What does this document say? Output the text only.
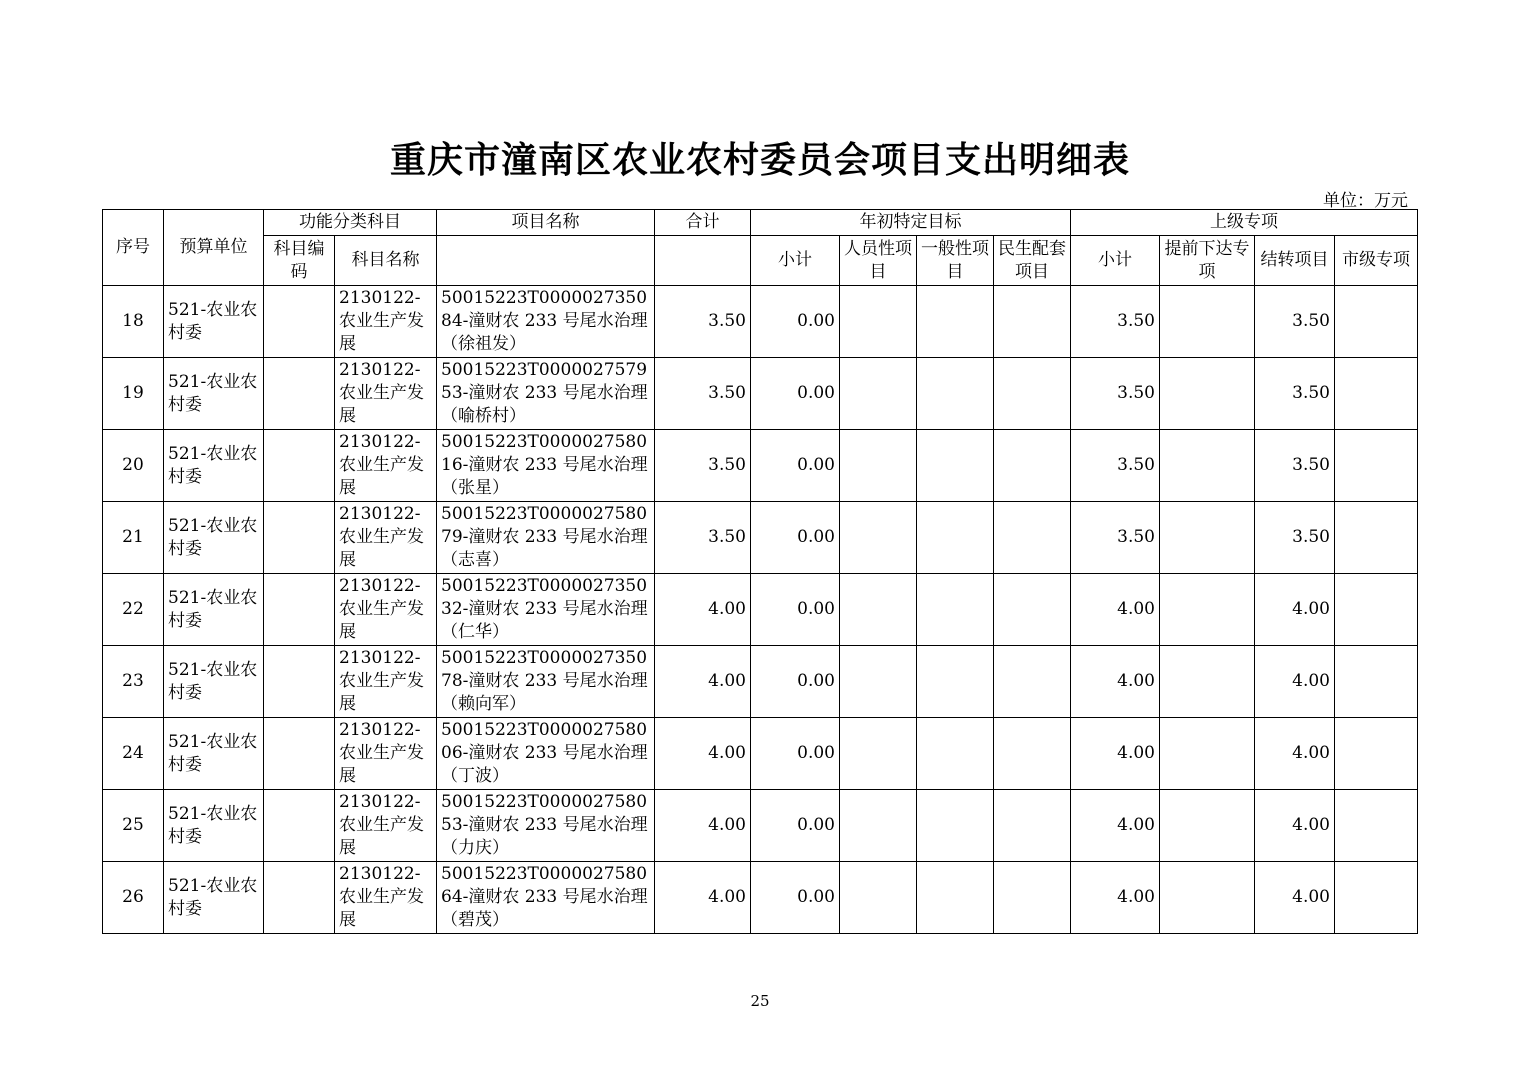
重庆市潼南区农业农村委员会项目支出明细表
单位：万元
序号	预算单位	功能分类科目		项目名称	合计	年初特定目标				上级专项			
		科目编码	科目名称			小计	人员性项目	一般性项目	民生配套项目	小计	提前下达专项	结转项目	市级专项
18	521-农业农村委		2130122-农业生产发展	50015223T000002735084-潼财农 233 号尾水治理（徐祖发）	3.50	0.00				3.50		3.50	
19	521-农业农村委		2130122-农业生产发展	50015223T000002757953-潼财农 233 号尾水治理（喻桥村）	3.50	0.00				3.50		3.50	
20	521-农业农村委		2130122-农业生产发展	50015223T000002758016-潼财农 233 号尾水治理（张星）	3.50	0.00				3.50		3.50	
21	521-农业农村委		2130122-农业生产发展	50015223T000002758079-潼财农 233 号尾水治理（志喜）	3.50	0.00				3.50		3.50	
22	521-农业农村委		2130122-农业生产发展	50015223T000002735032-潼财农 233 号尾水治理（仁华）	4.00	0.00				4.00		4.00	
23	521-农业农村委		2130122-农业生产发展	50015223T000002735078-潼财农 233 号尾水治理（赖向军）	4.00	0.00				4.00		4.00	
24	521-农业农村委		2130122-农业生产发展	50015223T000002758006-潼财农 233 号尾水治理（丁波）	4.00	0.00				4.00		4.00	
25	521-农业农村委		2130122-农业生产发展	50015223T000002758053-潼财农 233 号尾水治理（力庆）	4.00	0.00				4.00		4.00	
26	521-农业农村委		2130122-农业生产发展	50015223T000002758064-潼财农 233 号尾水治理（碧茂）	4.00	0.00				4.00		4.00	
25
